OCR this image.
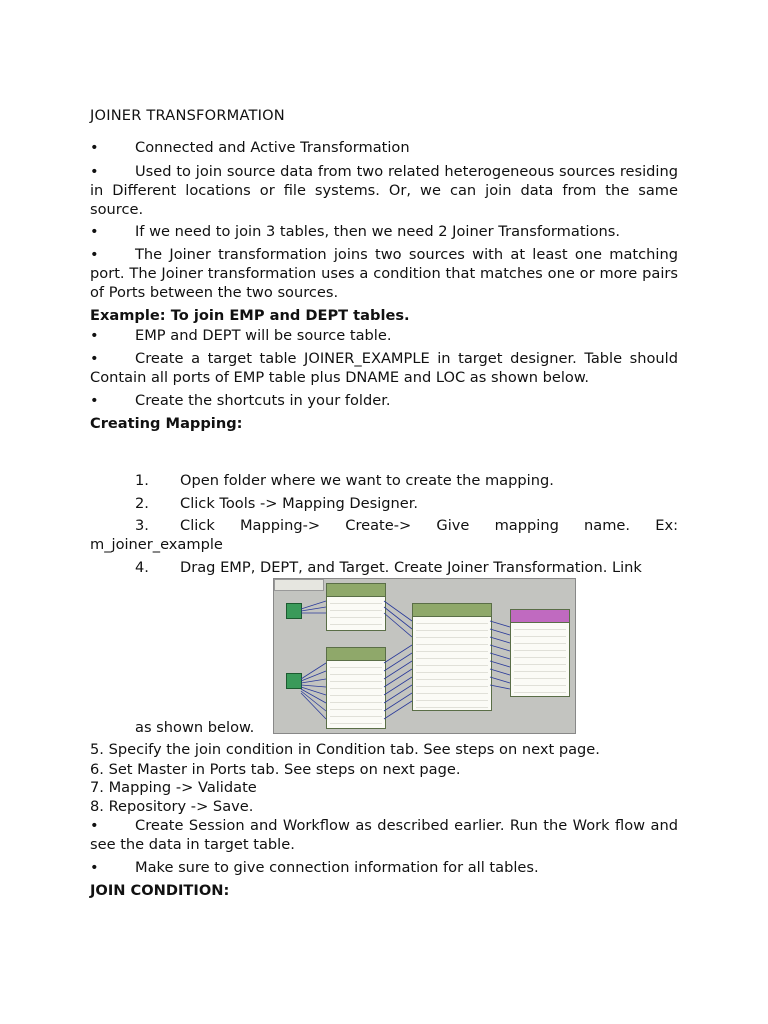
JOINER TRANSFORMATION
• Connected and Active Transformation
• Used to join source data from two related heterogeneous sources residing in Different locations or file systems. Or, we can join data from the same source.
• If we need to join 3 tables, then we need 2 Joiner Transformations.
• The Joiner transformation joins two sources with at least one matching port. The Joiner transformation uses a condition that matches one or more pairs of Ports between the two sources.
Example: To join EMP and DEPT tables.
• EMP and DEPT will be source table.
• Create a target table JOINER_EXAMPLE in target designer. Table should Contain all ports of EMP table plus DNAME and LOC as shown below.
• Create the shortcuts in your folder.
Creating Mapping:
1. Open folder where we want to create the mapping.
2. Click Tools -> Mapping Designer.
3. Click Mapping-> Create-> Give mapping name. Ex: m_joiner_example
4. Drag EMP, DEPT, and Target. Create Joiner Transformation. Link
as shown below.
5. Specify the join condition in Condition tab. See steps on next page.
6. Set Master in Ports tab. See steps on next page.
7. Mapping -> Validate
8. Repository -> Save.
• Create Session and Workflow as described earlier. Run the Work flow and see the data in target table.
• Make sure to give connection information for all tables.
JOIN CONDITION:
